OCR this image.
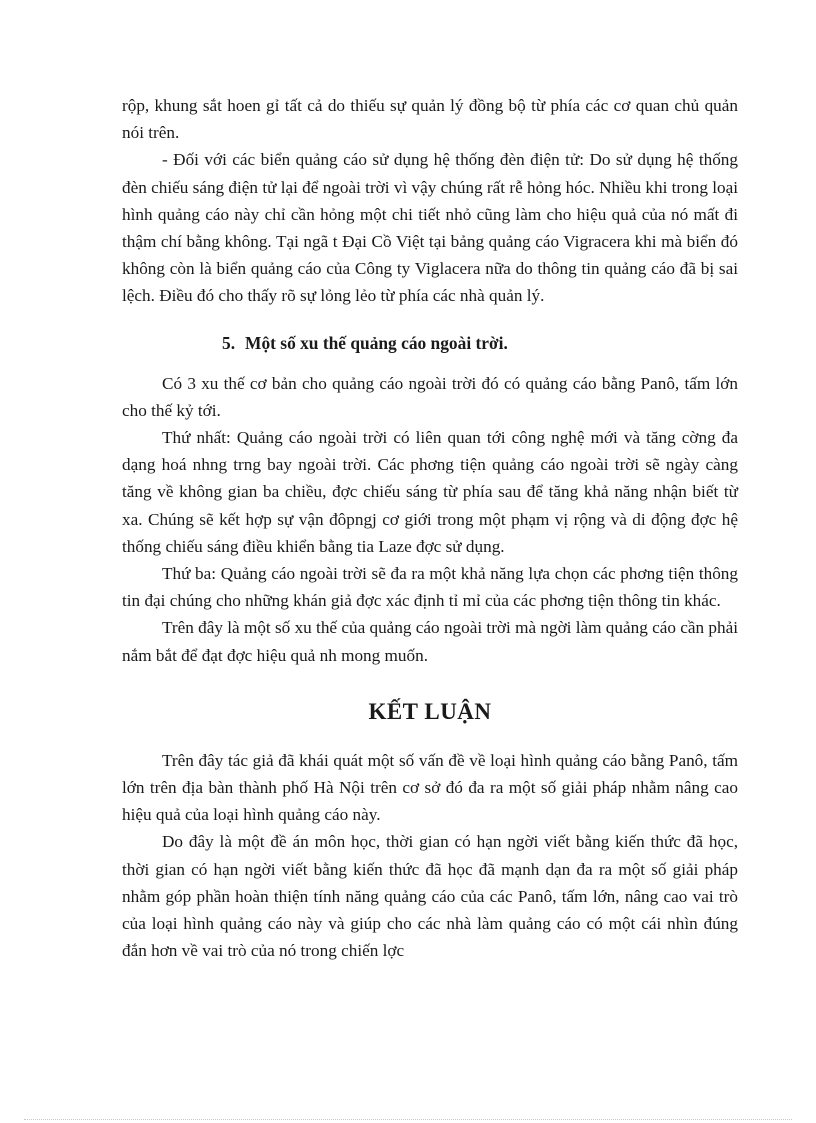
rộp, khung sắt hoen gỉ tất cả do thiếu sự quản lý đồng bộ từ phía các cơ quan chủ quản nói trên.

- Đối với các biển quảng cáo sử dụng hệ thống đèn điện tử: Do sử dụng hệ thống đèn chiếu sáng điện tử lại để ngoài trời vì vậy chúng rất rễ hỏng hóc. Nhiều khi trong loại hình quảng cáo này chỉ cần hỏng một chi tiết nhỏ cũng làm cho hiệu quả của nó mất đi thậm chí bằng không. Tại ngã t Đại Cồ Việt tại bảng quảng cáo Vigracera khi mà biển đó không còn là biển quảng cáo của Công ty Viglacera nữa do thông tin quảng cáo đã bị sai lệch. Điều đó cho thấy rõ sự lỏng lẻo từ phía các nhà quản lý.

5. Một số xu thế quảng cáo ngoài trời.

Có 3 xu thế cơ bản cho quảng cáo ngoài trời đó có quảng cáo bằng Panô, tấm lớn cho thế kỷ tới.

Thứ nhất: Quảng cáo ngoài trời có liên quan tới công nghệ mới và tăng cờng đa dạng hoá nhng trng bay ngoài trời. Các phơng tiện quảng cáo ngoài trời sẽ ngày càng tăng về không gian ba chiều, đợc chiếu sáng từ phía sau để tăng khả năng nhận biết từ xa. Chúng sẽ kết hợp sự vận đôpngj cơ giới trong một phạm vị rộng và di động đợc hệ thống chiếu sáng điều khiển bằng tia Laze đợc sử dụng.

Thứ ba: Quảng cáo ngoài trời sẽ đa ra một khả năng lựa chọn các phơng tiện thông tin đại chúng cho những khán giả đợc xác định tỉ mỉ của các phơng tiện thông tin khác.

Trên đây là một số xu thế của quảng cáo ngoài trời mà ngời làm quảng cáo cần phải nắm bắt để đạt đợc hiệu quả nh mong muốn.

KẾT LUẬN

Trên đây tác giả đã khái quát một số vấn đề về loại hình quảng cáo bằng Panô, tấm lớn trên địa bàn thành phố Hà Nội trên cơ sở đó đa ra một số giải pháp nhằm nâng cao hiệu quả của loại hình quảng cáo này.

Do đây là một đề án môn học, thời gian có hạn ngời viết bằng kiến thức đã học, thời gian có hạn ngời viết bằng kiến thức đã học đã mạnh dạn đa ra một số giải pháp nhằm góp phần hoàn thiện tính năng quảng cáo của các Panô, tấm lớn, nâng cao vai trò của loại hình quảng cáo này và giúp cho các nhà làm quảng cáo có một cái nhìn đúng đắn hơn về vai trò của nó trong chiến lợc
